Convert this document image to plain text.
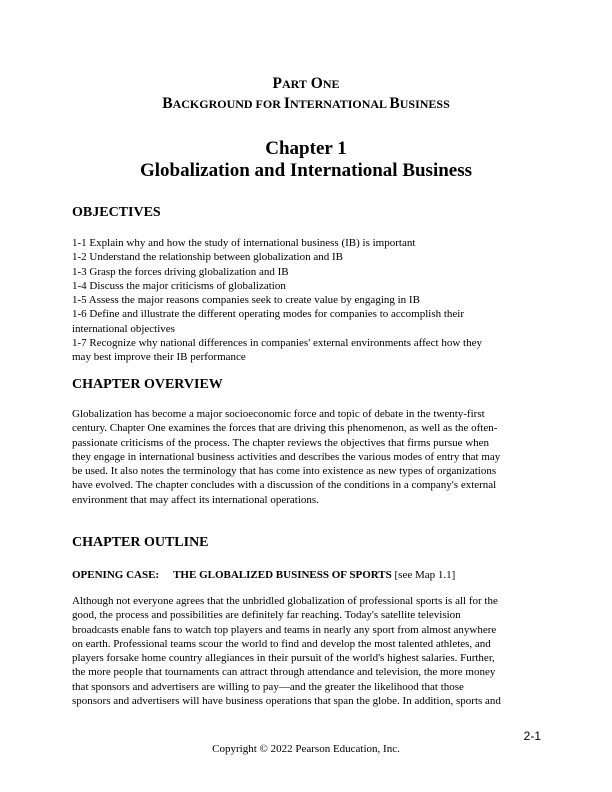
PART ONE
BACKGROUND FOR INTERNATIONAL BUSINESS
Chapter 1
Globalization and International Business
OBJECTIVES
1-1 Explain why and how the study of international business (IB) is important
1-2 Understand the relationship between globalization and IB
1-3 Grasp the forces driving globalization and IB
1-4 Discuss the major criticisms of globalization
1-5 Assess the major reasons companies seek to create value by engaging in IB
1-6 Define and illustrate the different operating modes for companies to accomplish their
international objectives
1-7 Recognize why national differences in companies' external environments affect how they
may best improve their IB performance
CHAPTER OVERVIEW
Globalization has become a major socioeconomic force and topic of debate in the twenty-first
century. Chapter One examines the forces that are driving this phenomenon, as well as the often-
passionate criticisms of the process. The chapter reviews the objectives that firms pursue when
they engage in international business activities and describes the various modes of entry that may
be used. It also notes the terminology that has come into existence as new types of organizations
have evolved. The chapter concludes with a discussion of the conditions in a company's external
environment that may affect its international operations.
CHAPTER OUTLINE
OPENING CASE: THE GLOBALIZED BUSINESS OF SPORTS [see Map 1.1]
Although not everyone agrees that the unbridled globalization of professional sports is all for the
good, the process and possibilities are definitely far reaching. Today's satellite television
broadcasts enable fans to watch top players and teams in nearly any sport from almost anywhere
on earth. Professional teams scour the world to find and develop the most talented athletes, and
players forsake home country allegiances in their pursuit of the world's highest salaries. Further,
the more people that tournaments can attract through attendance and television, the more money
that sponsors and advertisers are willing to pay—and the greater the likelihood that those
sponsors and advertisers will have business operations that span the globe. In addition, sports and
2-1
Copyright © 2022 Pearson Education, Inc.
